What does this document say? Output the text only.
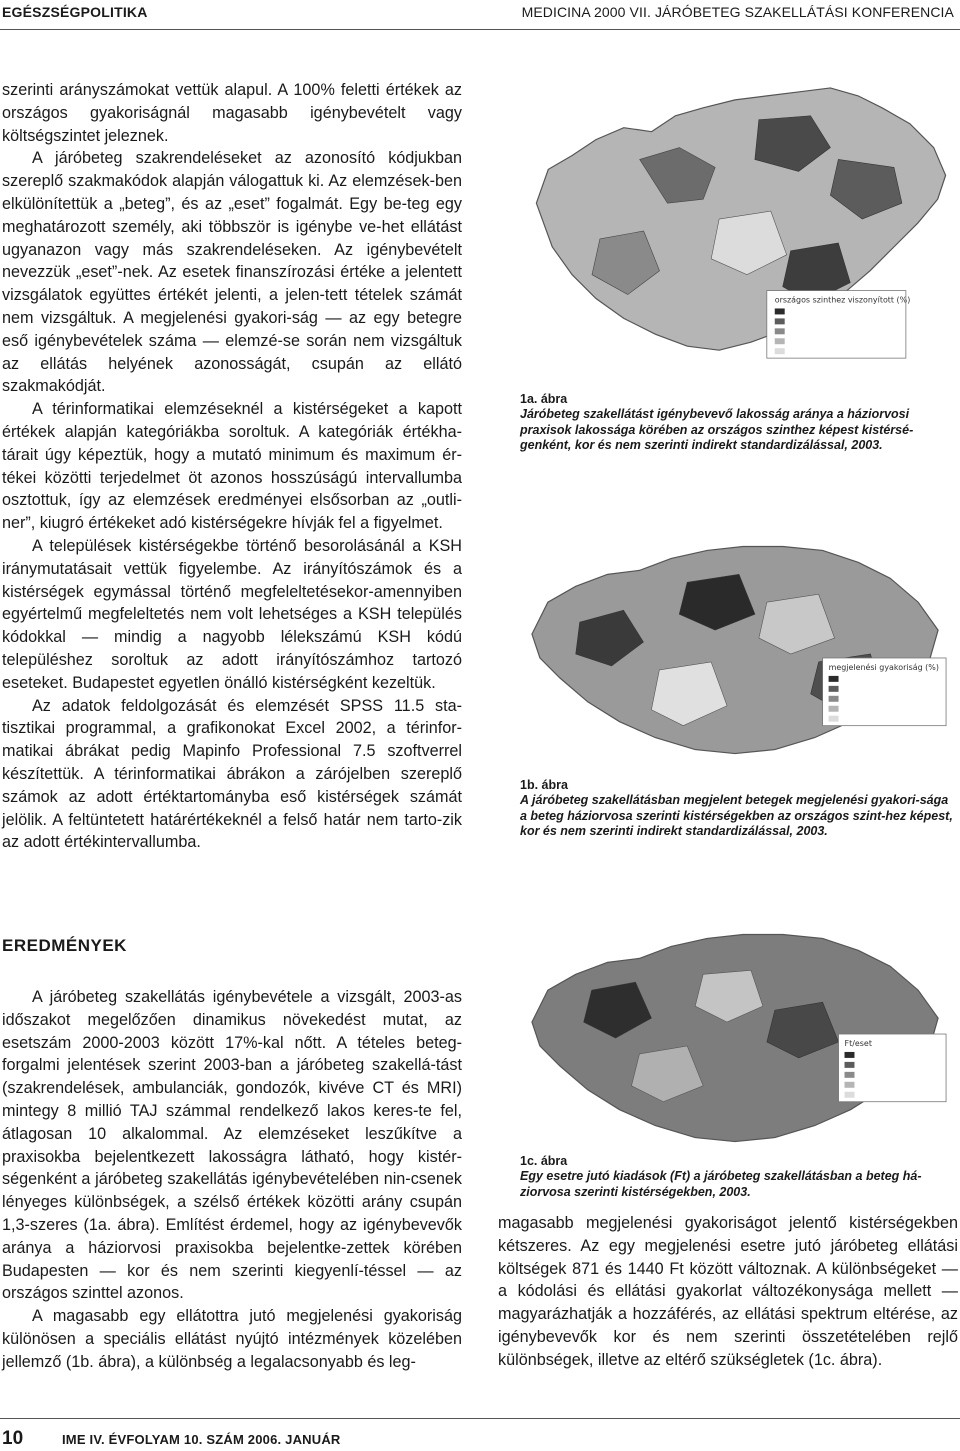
EGÉSZSÉGPOLITIKA	MEDICINA 2000 VII. JÁRÓBETEG SZAKELLÁTÁSI KONFERENCIA

szerinti arányszámokat vettük alapul. A 100% feletti értékek az országos gyakoriságnál magasabb igénybevételt vagy költségszintet jeleznek.

A járóbeteg szakrendeléseket az azonosító kódjukban szereplő szakmakódok alapján válogattuk ki. Az elemzések-ben elkülönítettük a „beteg”, és az „eset” fogalmát. Egy be-teg egy meghatározott személy, aki többször is igénybe ve-het ellátást ugyanazon vagy más szakrendeléseken. Az igénybevételt nevezzük „eset”-nek. Az esetek finanszírozási értéke a jelentett vizsgálatok együttes értékét jelenti, a jelen-tett tételek számát nem vizsgáltuk. A megjelenési gyakori-ság — az egy betegre eső igénybevételek száma — elemzé-se során nem vizsgáltuk az ellátás helyének azonosságát, csupán az ellátó szakmakódját.

A térinformatikai elemzéseknél a kistérségeket a kapott értékek alapján kategóriákba soroltuk. A kategóriák értékha-tárait úgy képeztük, hogy a mutató minimum és maximum ér-tékei közötti terjedelmet öt azonos hosszúságú intervallumba osztottuk, így az elemzések eredményei elsősorban az „outli-ner”, kiugró értékeket adó kistérségekre hívják fel a figyelmet.

A települések kistérségekbe történő besorolásánál a KSH iránymutatásait vettük figyelembe. Az irányítószámok és a kistérségek egymással történő megfeleltetésekor-amennyiben egyértelmű megfeleltetés nem volt lehetséges a KSH település kódokkal — mindig a nagyobb lélekszámú KSH kódú településhez soroltuk az adott irányítószámhoz tartozó eseteket. Budapestet egyetlen önálló kistérségként kezeltük.

Az adatok feldolgozását és elemzését SPSS 11.5 sta-tisztikai programmal, a grafikonokat Excel 2002, a térinfor-matikai ábrákat pedig Mapinfo Professional 7.5 szoftverrel készítettük. A térinformatikai ábrákon a zárójelben szereplő számok az adott értéktartományba eső kistérségek számát jelölik. A feltüntetett határértékeknél a felső határ nem tarto-zik az adott értékintervallumba.

EREDMÉNYEK

A járóbeteg szakellátás igénybevétele a vizsgált, 2003-as időszakot megelőzően dinamikus növekedést mutat, az esetszám 2000-2003 között 17%-kal nőtt. A tételes beteg-forgalmi jelentések szerint 2003-ban a járóbeteg szakellá-tást (szakrendelések, ambulanciák, gondozók, kivéve CT és MRI) mintegy 8 millió TAJ számmal rendelkező lakos keres-te fel, átlagosan 10 alkalommal. Az elemzéseket leszűkítve a praxisokba bejelentkezett lakosságra látható, hogy kistér-ségenként a járóbeteg szakellátás igénybevételében nin-csenek lényeges különbségek, a szélső értékek közötti arány csupán 1,3-szeres (1a. ábra). Említést érdemel, hogy az igénybevevők aránya a háziorvosi praxisokba bejelentke-zettek körében Budapesten — kor és nem szerinti kiegyenlí-téssel — az országos szinttel azonos.

A magasabb egy ellátottra jutó megjelenési gyakoriság különösen a speciális ellátást nyújtó intézmények közelében jellemző (1b. ábra), a különbség a legalacsonyabb és leg-

országos szinthez viszonyított (%)
1a. ábra
Járóbeteg szakellátást igénybevevő lakosság aránya a háziorvosi praxisok lakossága körében az országos szinthez képest kistérsé-genként, kor és nem szerinti indirekt standardizálással, 2003.
megjelenési gyakoriság (%)
1b. ábra
A járóbeteg szakellátásban megjelent betegek megjelenési gyakori-sága a beteg háziorvosa szerinti kistérségekben az országos szint-hez képest, kor és nem szerinti indirekt standardizálással, 2003.
Ft/eset
1c. ábra
Egy esetre jutó kiadások (Ft) a járóbeteg szakellátásban a beteg há-ziorvosa szerinti kistérségekben, 2003.

magasabb megjelenési gyakoriságot jelentő kistérségekben kétszeres. Az egy megjelenési esetre jutó járóbeteg ellátási költségek 871 és 1440 Ft között változnak. A különbségeket — a kódolási és ellátási gyakorlat változékonysága mellett — magyarázhatják a hozzáférés, az ellátási spektrum eltérése, az igénybevevők kor és nem szerinti összetételében rejlő különbségek, illetve az eltérő szükségletek (1c. ábra).

10	IME IV. ÉVFOLYAM 10. SZÁM 2006. JANUÁR
